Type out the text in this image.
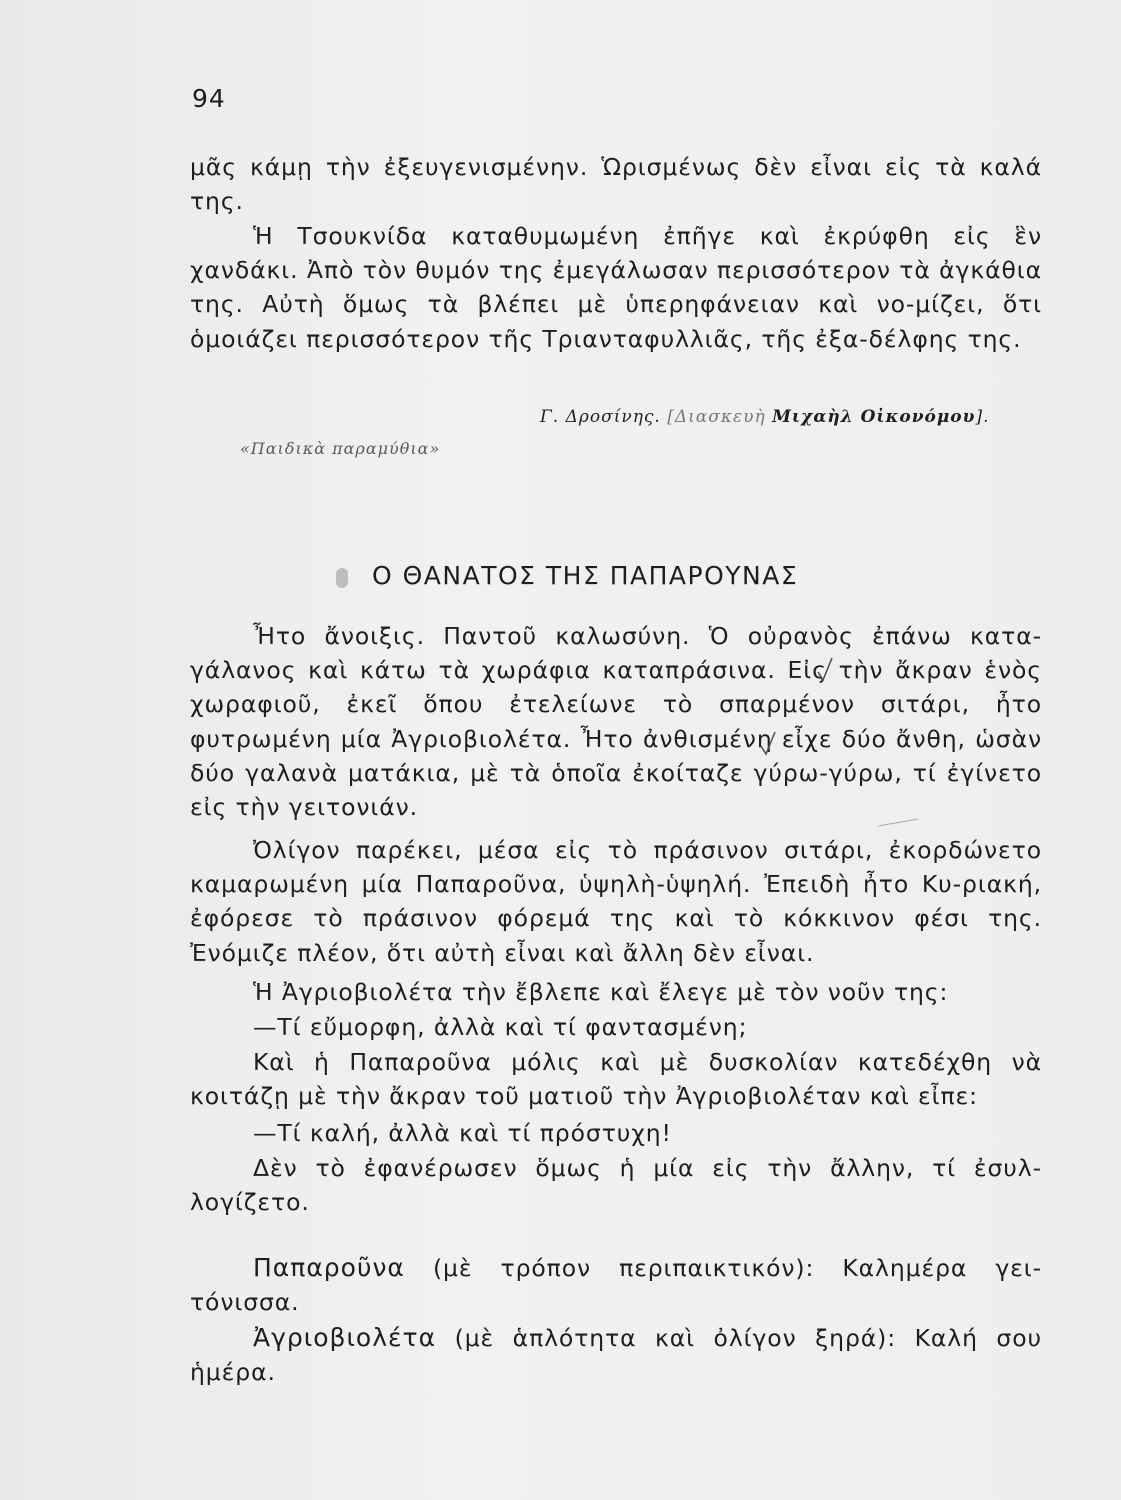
94

μᾶς κάμῃ τὴν ἐξευγενισμένην. Ὡρισμένως δὲν εἶναι εἰς τὰ καλά της.

Ἡ Τσουκνίδα καταθυμωμένη ἐπῆγε καὶ ἐκρύφθη εἰς ἓν χανδάκι. Ἀπὸ τὸν θυμόν της ἐμεγάλωσαν περισσότερον τὰ ἀγκάθια της. Αὐτὴ ὅμως τὰ βλέπει μὲ ὑπερηφάνειαν καὶ νο-μίζει, ὅτι ὁμοιάζει περισσότερον τῆς Τριανταφυλλιᾶς, τῆς ἐξα-δέλφης της.

Γ. Δροσίνης. [Διασκευὴ Μιχαὴλ Οἰκονόμου].
«Παιδικὰ παραμύθια»
Ο ΘΑΝΑΤΟΣ ΤΗΣ ΠΑΠΑΡΟΥΝΑΣ

Ἦτο ἄνοιξις. Παντοῦ καλωσύνη. Ὁ οὐρανὸς ἐπάνω κατα-γάλανος καὶ κάτω τὰ χωράφια καταπράσινα. Εἰς τὴν ἄκραν ἑνὸς χωραφιοῦ, ἐκεῖ ὅπου ἐτελείωνε τὸ σπαρμένον σιτάρι, ἦτο φυτρωμένη μία Ἀγριοβιολέτα. Ἦτο ἀνθισμένη εἶχε δύο ἄνθη, ὡσὰν δύο γαλανὰ ματάκια, μὲ τὰ ὁποῖα ἐκοίταζε γύρω-γύρω, τί ἐγίνετο εἰς τὴν γειτονιάν.

Ὀλίγον παρέκει, μέσα εἰς τὸ πράσινον σιτάρι, ἐκορδώνετο καμαρωμένη μία Παπαροῦνα, ὑψηλὴ-ὑψηλή. Ἐπειδὴ ἦτο Κυ-ριακή, ἐφόρεσε τὸ πράσινον φόρεμά της καὶ τὸ κόκκινον φέσι της. Ἐνόμιζε πλέον, ὅτι αὐτὴ εἶναι καὶ ἄλλη δὲν εἶναι.

Ἡ Ἀγριοβιολέτα τὴν ἔβλεπε καὶ ἔλεγε μὲ τὸν νοῦν της:

—Τί εὔμορφη, ἀλλὰ καὶ τί φαντασμένη;

Καὶ ἡ Παπαροῦνα μόλις καὶ μὲ δυσκολίαν κατεδέχθη νὰ κοιτάζῃ μὲ τὴν ἄκραν τοῦ ματιοῦ τὴν Ἀγριοβιολέταν καὶ εἶπε:

—Τί καλή, ἀλλὰ καὶ τί πρόστυχη!

Δὲν τὸ ἐφανέρωσεν ὅμως ἡ μία εἰς τὴν ἄλλην, τί ἐσυλ-λογίζετο.

Παπαροῦνα (μὲ τρόπον περιπαικτικόν): Καλημέρα γει-τόνισσα.

Ἀγριοβιολέτα (μὲ ἁπλότητα καὶ ὀλίγον ξηρά): Καλή σου ἡμέρα.
